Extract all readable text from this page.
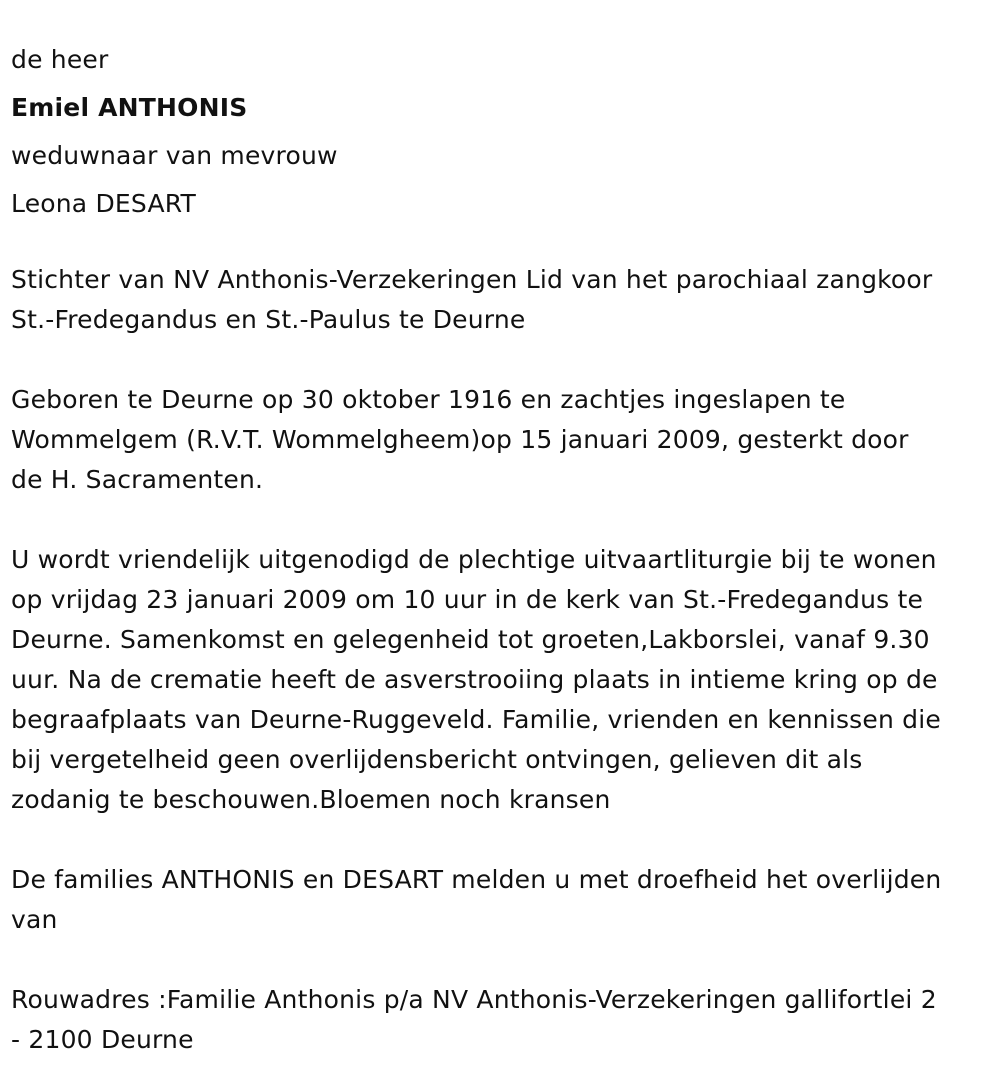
de heer
Emiel ANTHONIS
weduwnaar van mevrouw
Leona DESART
Stichter van NV Anthonis-Verzekeringen Lid van het parochiaal zangkoor
St.-Fredegandus en St.-Paulus te Deurne
Geboren te Deurne op 30 oktober 1916 en zachtjes ingeslapen te
Wommelgem (R.V.T. Wommelgheem)op 15 januari 2009, gesterkt door
de H. Sacramenten.
U wordt vriendelijk uitgenodigd de plechtige uitvaartliturgie bij te wonen
op vrijdag 23 januari 2009 om 10 uur in de kerk van St.-Fredegandus te
Deurne. Samenkomst en gelegenheid tot groeten,Lakborslei, vanaf 9.30
uur. Na de crematie heeft de asverstrooiing plaats in intieme kring op de
begraafplaats van Deurne-Ruggeveld. Familie, vrienden en kennissen die
bij vergetelheid geen overlijdensbericht ontvingen, gelieven dit als
zodanig te beschouwen.Bloemen noch kransen
De families ANTHONIS en DESART melden u met droefheid het overlijden
van
Rouwadres :Familie Anthonis p/a NV Anthonis-Verzekeringen gallifortlei 2
- 2100 Deurne
